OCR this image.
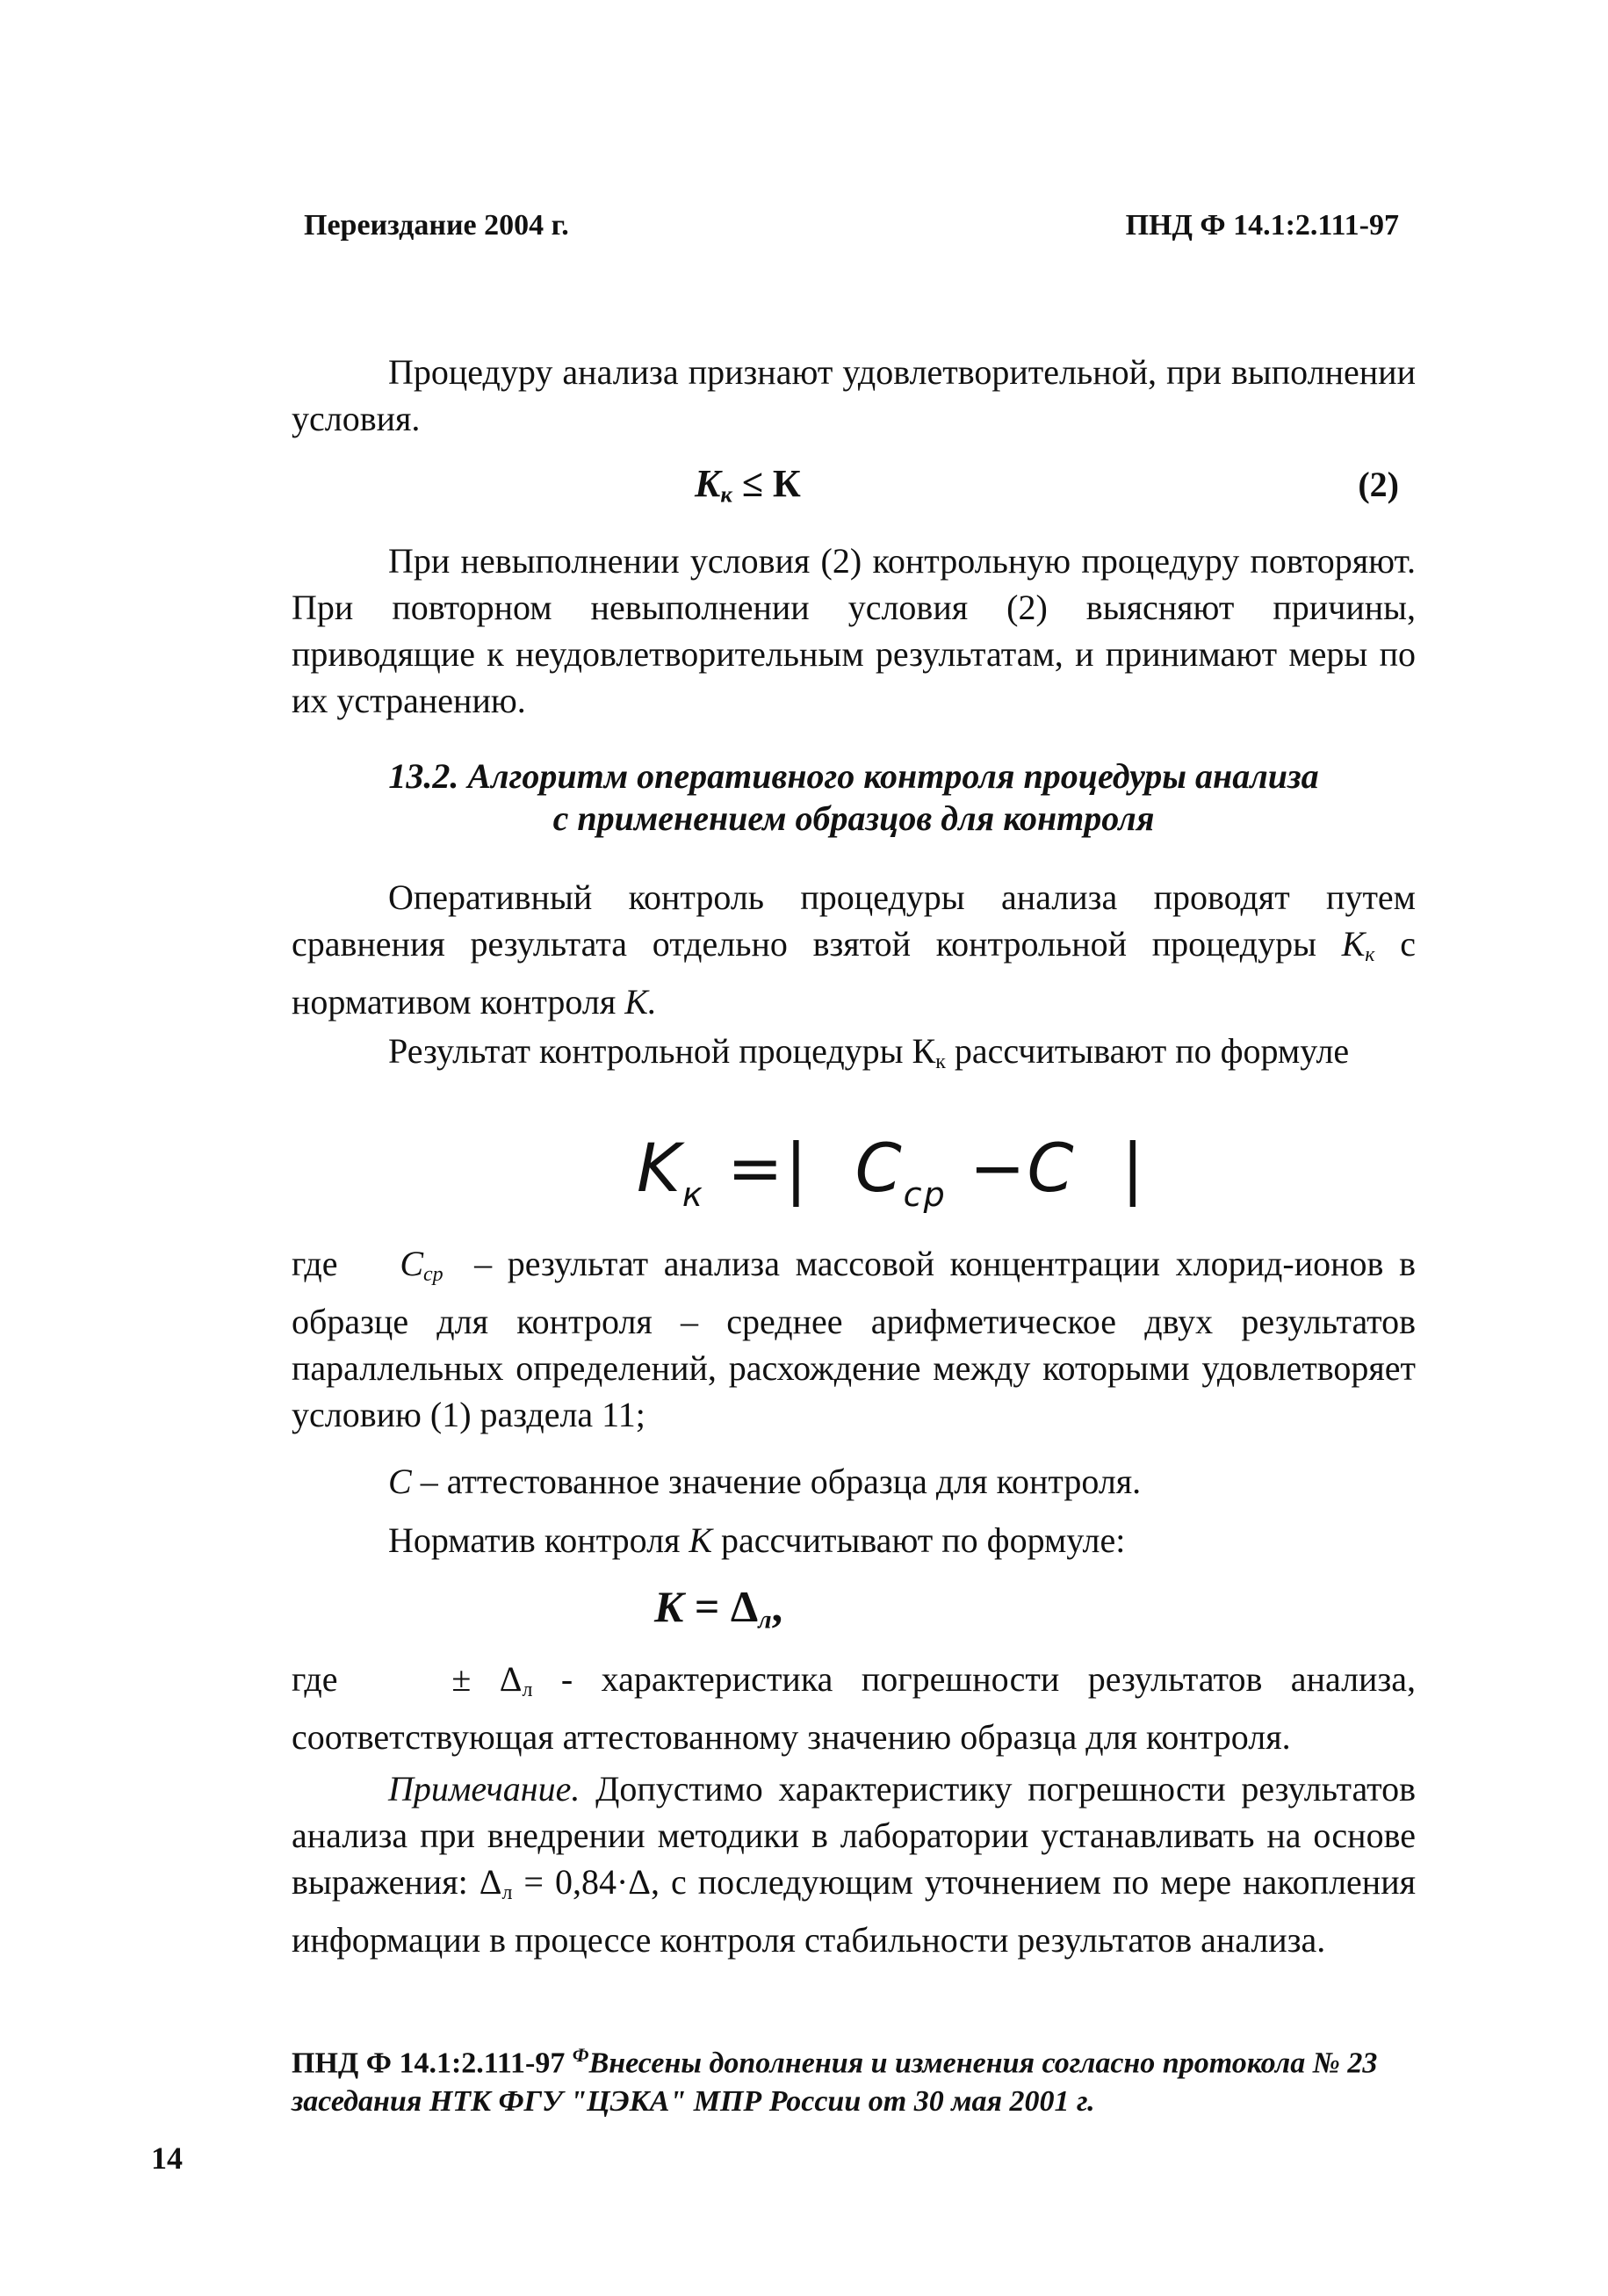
Переиздание 2004 г.	ПНД Ф 14.1:2.111-97
Процедуру анализа признают удовлетворительной, при выполнении условия.
$K_к \le К$	(2)
При невыполнении условия (2) контрольную процедуру повторяют. При повторном невыполнении условия (2) выясняют причины, приводящие к неудовлетворительным результатам, и принимают меры по их устранению.
13.2. Алгоритм оперативного контроля процедуры анализа
с применением образцов для контроля
Оперативный контроль процедуры анализа проводят путем сравнения результата отдельно взятой контрольной процедуры $К_к$ с нормативом контроля К.
Результат контрольной процедуры $К_к$ рассчитывают по формуле
$K_к$ =| $C_{ср} -C$ |
где $C_{ср}$ – результат анализа массовой концентрации хлорид-ионов в образце для контроля – среднее арифметическое двух результатов параллельных определений, расхождение между которыми удовлетворяет условию (1) раздела 11;
С – аттестованное значение образца для контроля.
Норматив контроля К рассчитывают по формуле:
$K = \Delta_л$,
где	± $\Delta_л$ - характеристика погрешности результатов анализа, соответствующая аттестованному значению образца для контроля.
Примечание. Допустимо характеристику погрешности результатов анализа при внедрении методики в лаборатории устанавливать на основе выражения: $\Delta_л = 0,84\cdot\Delta$, с последующим уточнением по мере накопления информации в процессе контроля стабильности результатов анализа.
ПНД Ф 14.1:2.111-97 $^Ф$Внесены дополнения и изменения согласно протокола № 23 заседания НТК ФГУ "ЦЭКА" МПР России от 30 мая 2001 г.
14
